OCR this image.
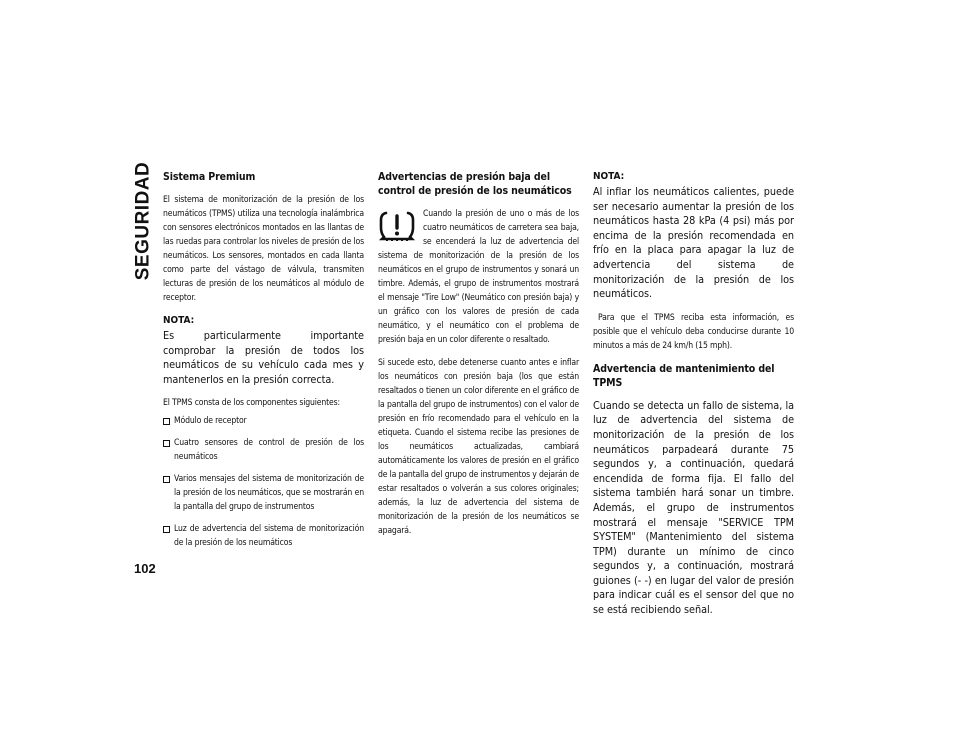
SEGURIDAD Sistema Premium

El sistema de monitorización de la presión de los neumáticos (TPMS) utiliza una tecnología inalámbrica con sensores electrónicos montados en las llantas de las ruedas para controlar los niveles de presión de los neumáticos. Los sensores, montados en cada llanta como parte del vástago de válvula, transmiten lecturas de presión de los neumáticos al módulo de receptor.

NOTA:

Es particularmente importante comprobar la presión de todos los neumáticos de su vehículo cada mes y mantenerlos en la presión correcta.

El TPMS consta de los componentes siguientes:

Módulo de receptor
Cuatro sensores de control de presión de los neumáticos
Varios mensajes del sistema de monitorización de la presión de los neumáticos, que se mostrarán en la pantalla del grupo de instrumentos
Luz de advertencia del sistema de monitorización de la presión de los neumáticos
Advertencias de presión baja del control de presión de los neumáticos

Cuando la presión de uno o más de los cuatro neumáticos de carretera sea baja, se encenderá la luz de advertencia del sistema de monitorización de la presión de los neumáticos en el grupo de instrumentos y sonará un timbre. Además, el grupo de instrumentos mostrará el mensaje "Tire Low" (Neumático con presión baja) y un gráfico con los valores de presión de cada neumático, y el neumático con el problema de presión baja en un color diferente o resaltado.

Si sucede esto, debe detenerse cuanto antes e inflar los neumáticos con presión baja (los que están resaltados o tienen un color diferente en el gráfico de la pantalla del grupo de instrumentos) con el valor de presión en frío recomendado para el vehículo en la etiqueta. Cuando el sistema recibe las presiones de los neumáticos actualizadas, cambiará automáticamente los valores de presión en el gráfico de la pantalla del grupo de instrumentos y dejarán de estar resaltados o volverán a sus colores originales; además, la luz de advertencia del sistema de monitorización de la presión de los neumáticos se apagará.

NOTA:

Al inflar los neumáticos calientes, puede ser necesario aumentar la presión de los neumáticos hasta 28 kPa (4 psi) más por encima de la presión recomendada en frío en la placa para apagar la luz de advertencia del sistema de monitorización de la presión de los neumáticos.

Para que el TPMS reciba esta información, es posible que el vehículo deba conducirse durante 10 minutos a más de 24 km/h (15 mph).

Advertencia de mantenimiento del TPMS

Cuando se detecta un fallo de sistema, la luz de advertencia del sistema de monitorización de la presión de los neumáticos parpadeará durante 75 segundos y, a continuación, quedará encendida de forma fija. El fallo del sistema también hará sonar un timbre. Además, el grupo de instrumentos mostrará el mensaje "SERVICE TPM SYSTEM" (Mantenimiento del sistema TPM) durante un mínimo de cinco segundos y, a continuación, mostrará guiones (- -) en lugar del valor de presión para indicar cuál es el sensor del que no se está recibiendo señal.

102
